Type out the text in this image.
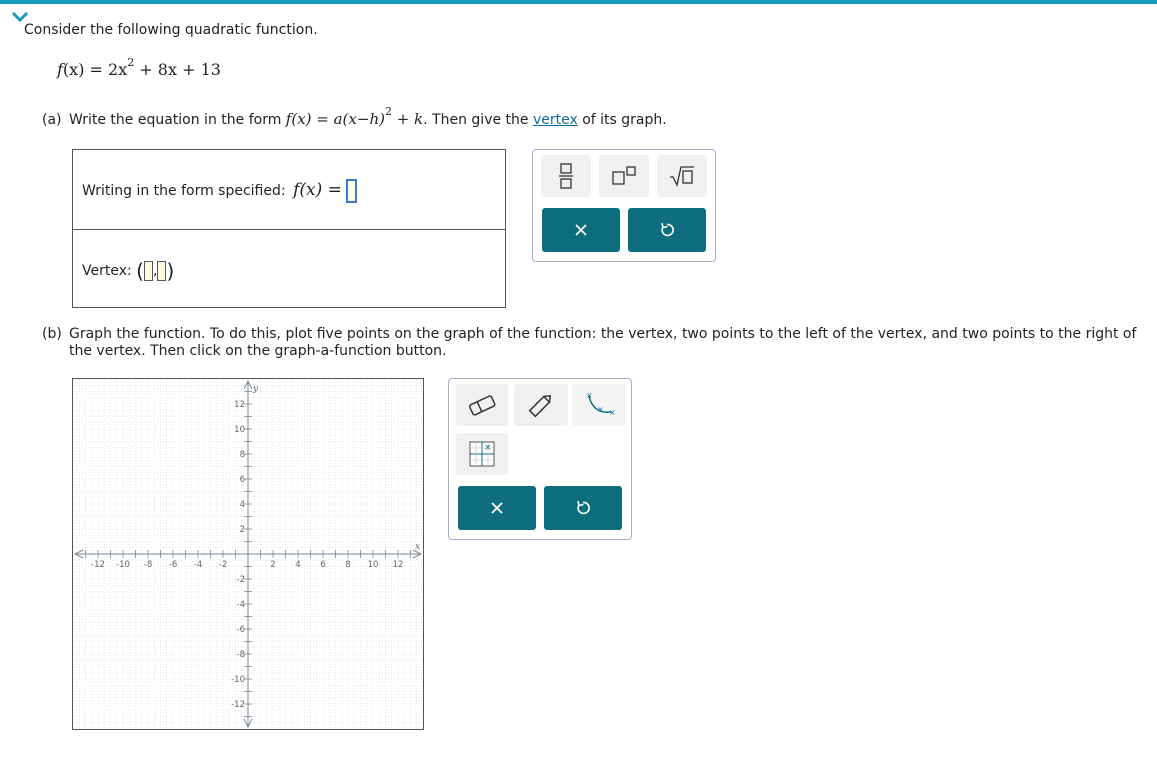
Consider the following quadratic function.
$f(x) = 2x^2 + 8x + 13$
(a) Write the equation in the form $f(x) = a(x-h)^2 + k$. Then give the vertex of its graph.
Writing in the form specified: f(x) =
Vertex: ( , )
(b) Graph the function. To do this, plot five points on the graph of the function: the vertex, two points to the left of the vertex, and two points to the right of the vertex. Then click on the graph-a-function button.
-12 -10 -8 -6 -4 -2	2 4 6 8 10 12
12
10
8
6
4
2
-2
-4
-6
-8
-10
-12
x
y
×
× ×
×
